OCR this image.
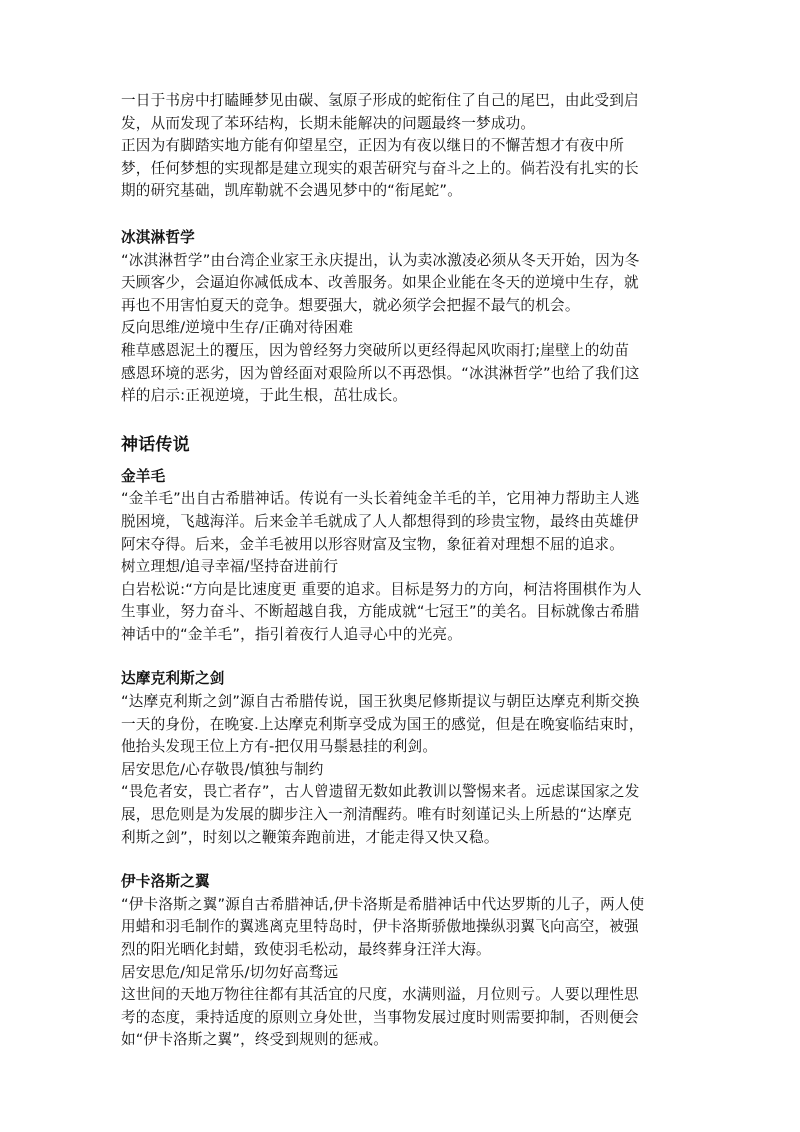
一日于书房中打瞌睡梦见由碳、氢原子形成的蛇衔住了自己的尾巴，由此受到启
发，从而发现了苯环结构，长期未能解决的问题最终一梦成功。

正因为有脚踏实地方能有仰望星空，正因为有夜以继日的不懈苦想才有夜中所
梦，任何梦想的实现都是建立现实的艰苦研究与奋斗之上的。倘若没有扎实的长
期的研究基础，凯库勒就不会遇见梦中的“衔尾蛇”。

冰淇淋哲学

“冰淇淋哲学”由台湾企业家王永庆提出，认为卖冰激凌必须从冬天开始，因为冬
天顾客少，会逼迫你减低成本、改善服务。如果企业能在冬天的逆境中生存，就
再也不用害怕夏天的竞争。想要强大，就必须学会把握不最气的机会。

反向思维/逆境中生存/正确对待困难

稚草感恩泥土的覆压，因为曾经努力突破所以更经得起风吹雨打;崖壁上的幼苗
感恩环境的恶劣，因为曾经面对艰险所以不再恐惧。“冰淇淋哲学”也给了我们这
样的启示:正视逆境，于此生根，茁壮成长。

神话传说

金羊毛

“金羊毛”出自古希腊神话。传说有一头长着纯金羊毛的羊，它用神力帮助主人逃
脱困境，飞越海洋。后来金羊毛就成了人人都想得到的珍贵宝物，最终由英雄伊
阿宋夺得。后来，金羊毛被用以形容财富及宝物，象征着对理想不屈的追求。

树立理想/追寻幸福/坚持奋进前行

白岩松说:“方向是比速度更 重要的追求。目标是努力的方向，柯洁将围棋作为人
生事业，努力奋斗、不断超越自我，方能成就“七冠王”的美名。目标就像古希腊
神话中的“金羊毛”，指引着夜行人追寻心中的光亮。

达摩克利斯之剑

“达摩克利斯之剑”源自古希腊传说，国王狄奥尼修斯提议与朝臣达摩克利斯交换
一天的身份，在晚宴.上达摩克利斯享受成为国王的感觉，但是在晚宴临结束时，
他抬头发现王位上方有-把仅用马鬃悬挂的利剑。

居安思危/心存敬畏/慎独与制约

“畏危者安，畏亡者存”，古人曾遗留无数如此教训以警惕来者。远虑谋国家之发
展，思危则是为发展的脚步注入一剂清醒药。唯有时刻谨记头上所悬的“达摩克
利斯之剑”，时刻以之鞭策奔跑前进，才能走得又快又稳。

伊卡洛斯之翼

“伊卡洛斯之翼”源自古希腊神话,伊卡洛斯是希腊神话中代达罗斯的儿子，两人使
用蜡和羽毛制作的翼逃离克里特岛时，伊卡洛斯骄傲地操纵羽翼飞向高空，被强
烈的阳光晒化封蜡，致使羽毛松动，最终葬身汪洋大海。

居安思危/知足常乐/切勿好高骛远

这世间的天地万物往往都有其活宜的尺度，水满则溢，月位则亏。人要以理性思
考的态度，秉持适度的原则立身处世，当事物发展过度时则需要抑制，否则便会
如“伊卡洛斯之翼”，终受到规则的惩戒。
